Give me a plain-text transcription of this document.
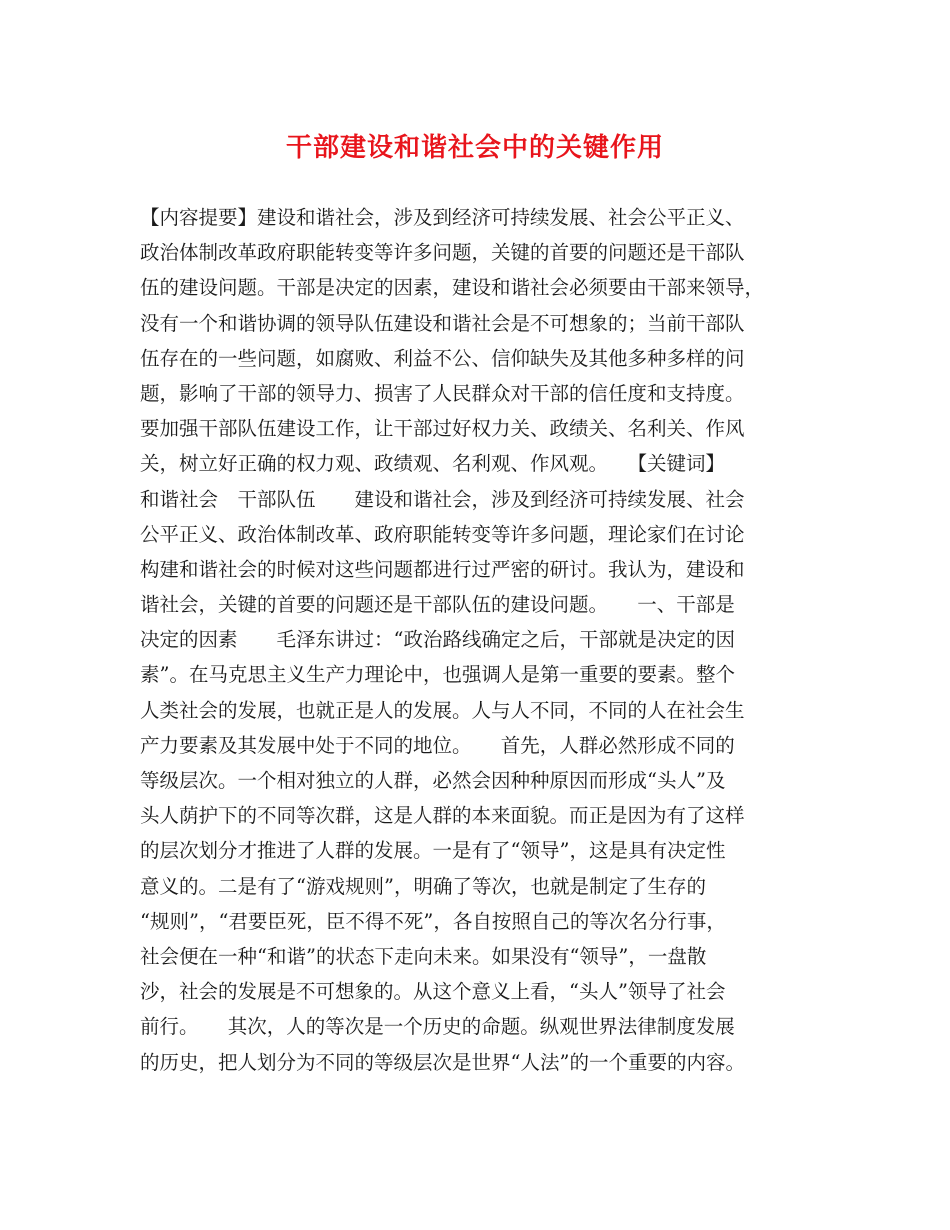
干部建设和谐社会中的关键作用
【内容提要】建设和谐社会，涉及到经济可持续发展、社会公平正义、
政治体制改革政府职能转变等许多问题，关键的首要的问题还是干部队
伍的建设问题。干部是决定的因素，建设和谐社会必须要由干部来领导，
没有一个和谐协调的领导队伍建设和谐社会是不可想象的；当前干部队
伍存在的一些问题，如腐败、利益不公、信仰缺失及其他多种多样的问
题，影响了干部的领导力、损害了人民群众对干部的信任度和支持度。
要加强干部队伍建设工作，让干部过好权力关、政绩关、名利关、作风
关，树立好正确的权力观、政绩观、名利观、作风观。　　【关键词】
和谐社会　干部队伍　　建设和谐社会，涉及到经济可持续发展、社会
公平正义、政治体制改革、政府职能转变等许多问题，理论家们在讨论
构建和谐社会的时候对这些问题都进行过严密的研讨。我认为，建设和
谐社会，关键的首要的问题还是干部队伍的建设问题。　　一、干部是
决定的因素　　毛泽东讲过：“政治路线确定之后，干部就是决定的因
素”。在马克思主义生产力理论中，也强调人是第一重要的要素。整个
人类社会的发展，也就正是人的发展。人与人不同，不同的人在社会生
产力要素及其发展中处于不同的地位。　　首先，人群必然形成不同的
等级层次。一个相对独立的人群，必然会因种种原因而形成“头人”及
头人荫护下的不同等次群，这是人群的本来面貌。而正是因为有了这样
的层次划分才推进了人群的发展。一是有了“领导”，这是具有决定性
意义的。二是有了“游戏规则”，明确了等次，也就是制定了生存的
“规则”，“君要臣死，臣不得不死”，各自按照自己的等次名分行事，
社会便在一种“和谐”的状态下走向未来。如果没有“领导”，一盘散
沙，社会的发展是不可想象的。从这个意义上看，“头人”领导了社会
前行。　　其次，人的等次是一个历史的命题。纵观世界法律制度发展
的历史，把人划分为不同的等级层次是世界“人法”的一个重要的内容。
